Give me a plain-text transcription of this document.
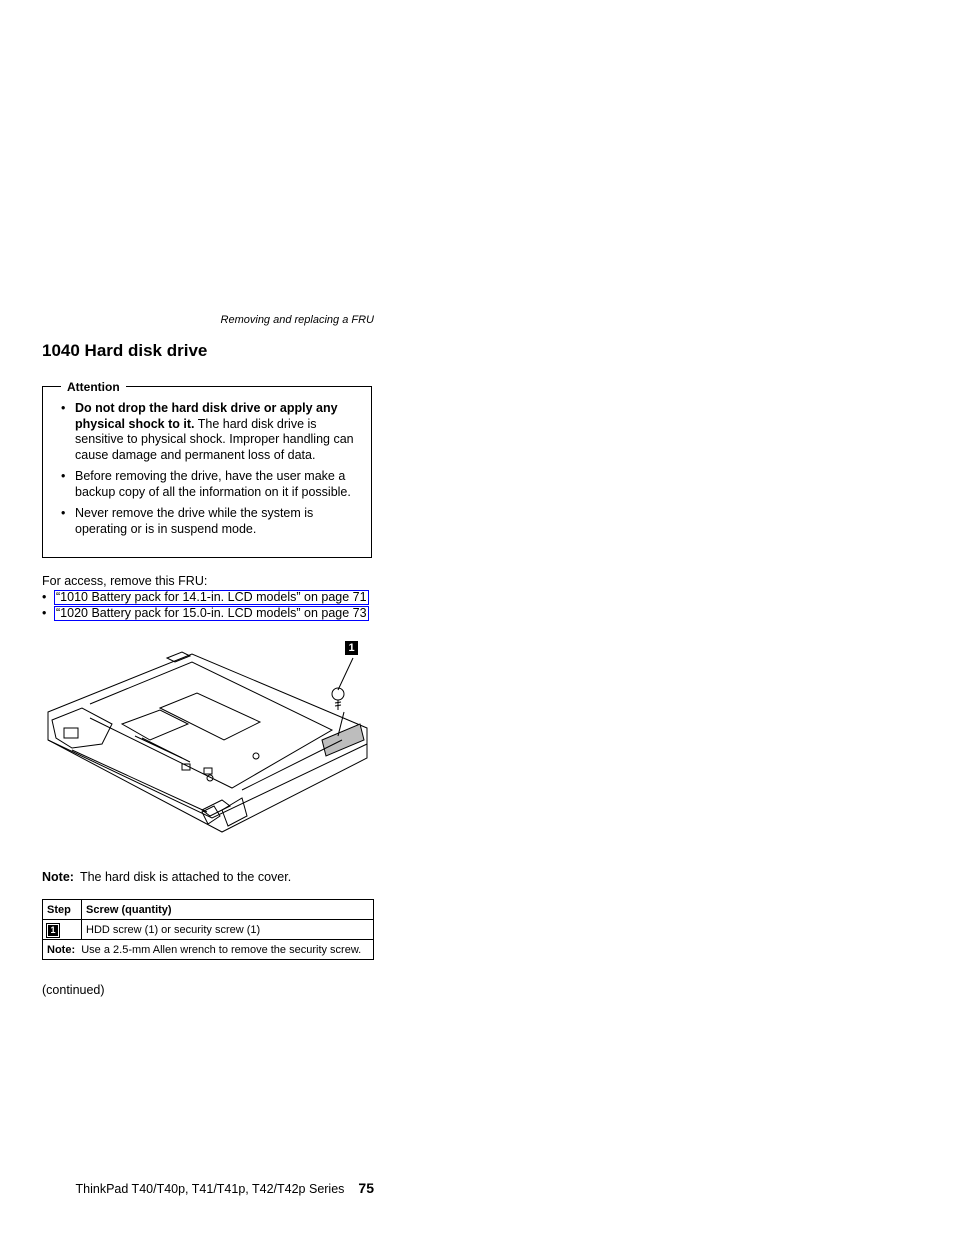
Removing and replacing a FRU
1040 Hard disk drive
Attention
• Do not drop the hard disk drive or apply any physical shock to it. The hard disk drive is sensitive to physical shock. Improper handling can cause damage and permanent loss of data.
• Before removing the drive, have the user make a backup copy of all the information on it if possible.
• Never remove the drive while the system is operating or is in suspend mode.
For access, remove this FRU:
• “1010 Battery pack for 14.1-in. LCD models” on page 71
• “1020 Battery pack for 15.0-in. LCD models” on page 73
1
Note: The hard disk is attached to the cover.
Step	Screw (quantity)
1	HDD screw (1) or security screw (1)
Note: Use a 2.5-mm Allen wrench to remove the security screw.	
(continued)
ThinkPad T40/T40p, T41/T41p, T42/T42p Series 75
